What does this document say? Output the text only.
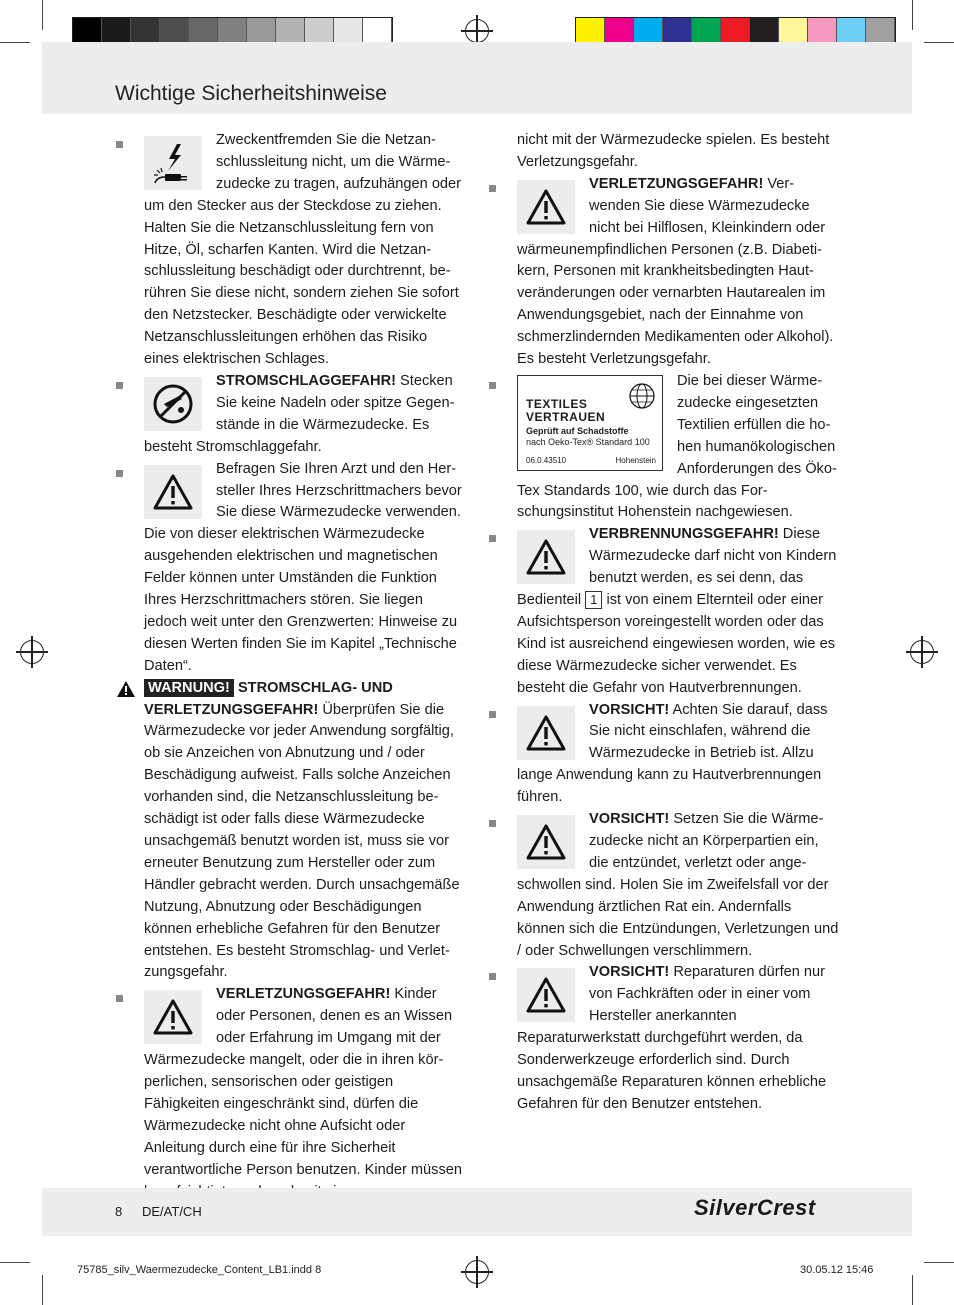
Wichtige Sicherheitshinweise

Zweckentfremden Sie die Netzanschlussleitung nicht, um die Wärmezudecke zu tragen, aufzuhängen oder um den Stecker aus der Steckdose zu ziehen. Halten Sie die Netzanschlussleitung fern von Hitze, Öl, scharfen Kanten. Wird die Netzanschlussleitung beschädigt oder durchtrennt, berühren Sie diese nicht, sondern ziehen Sie sofort den Netzstecker. Beschädigte oder verwickelte Netzanschlussleitungen erhöhen das Risiko eines elektrischen Schlages.

STROMSCHLAGGEFAHR! Stecken Sie keine Nadeln oder spitze Gegenstände in die Wärmezudecke. Es besteht Stromschlaggefahr.

Befragen Sie Ihren Arzt und den Hersteller Ihres Herzschrittmachers bevor Sie diese Wärmezudecke verwenden. Die von dieser elektrischen Wärmezudecke ausgehenden elektrischen und magnetischen Felder können unter Umständen die Funktion Ihres Herzschrittmachers stören. Sie liegen jedoch weit unter den Grenzwerten: Hinweise zu diesen Werten finden Sie im Kapitel „Technische Daten“.

WARNUNG! STROMSCHLAG- UND VERLETZUNGSGEFAHR! Überprüfen Sie die Wärmezudecke vor jeder Anwendung sorgfältig, ob sie Anzeichen von Abnutzung und / oder Beschädigung aufweist. Falls solche Anzeichen vorhanden sind, die Netzanschlussleitung beschädigt ist oder falls diese Wärmezudecke unsachgemäß benutzt worden ist, muss sie vor erneuter Benutzung zum Hersteller oder zum Händler gebracht werden. Durch unsachgemäße Nutzung, Abnutzung oder Beschädigungen können erhebliche Gefahren für den Benutzer entstehen. Es besteht Stromschlag- und Verletzungsgefahr.

VERLETZUNGSGEFAHR! Kinder oder Personen, denen es an Wissen oder Erfahrung im Umgang mit der Wärmezudecke mangelt, oder die in ihren körperlichen, sensorischen oder geistigen Fähigkeiten eingeschränkt sind, dürfen die Wärmezudecke nicht ohne Aufsicht oder Anleitung durch eine für ihre Sicherheit verantwortliche Person benutzen. Kinder müssen

nicht mit der Wärmezudecke spielen. Es besteht Verletzungsgefahr.

VERLETZUNGSGEFAHR! Verwenden Sie diese Wärmezudecke nicht bei Hilflosen, Kleinkindern oder wärmeunempfindlichen Personen (z.B. Diabetikern, Personen mit krankheitsbedingten Hautveränderungen oder vernarbten Hautarealen im Anwendungsgebiet, nach der Einnahme von schmerzlindernden Medikamenten oder Alkohol). Es besteht Verletzungsgefahr.

TEXTILES
VERTRAUEN
Geprüft auf Schadstoffe
nach Oeko-Tex® Standard 100
06.0.43510	Hohenstein

Die bei dieser Wärmezudecke eingesetzten Textilien erfüllen die hohen humanökologischen Anforderungen des Öko-Tex Standards 100, wie durch das Forschungsinstitut Hohenstein nachgewiesen.

VERBRENNUNGSGEFAHR! Diese Wärmezudecke darf nicht von Kindern benutzt werden, es sei denn, das Bedienteil 1 ist von einem Elternteil oder einer Aufsichtsperson voreingestellt worden oder das Kind ist ausreichend eingewiesen worden, wie es diese Wärmezudecke sicher verwendet. Es besteht die Gefahr von Hautverbrennungen.

VORSICHT! Achten Sie darauf, dass Sie nicht einschlafen, während die Wärmezudecke in Betrieb ist. Allzu lange Anwendung kann zu Hautverbrennungen führen.

VORSICHT! Setzen Sie die Wärmezudecke nicht an Körperpartien ein, die entzündet, verletzt oder angeschwollen sind. Holen Sie im Zweifelsfall vor der Anwendung ärztlichen Rat ein. Andernfalls können sich die Entzündungen, Verletzungen und / oder Schwellungen verschlimmern.

VORSICHT! Reparaturen dürfen nur von Fachkräften oder in einer vom Hersteller anerkannten Reparaturwerkstatt durchgeführt werden, da Sonderwerkzeuge erforderlich sind. Durch unsachgemäße Reparaturen können erhebliche Gefahren für den Benutzer entstehen.

8 DE/AT/CH	SilverCrest
75785_silv_Waermezudecke_Content_LB1.indd 8	30.05.12 15:46
